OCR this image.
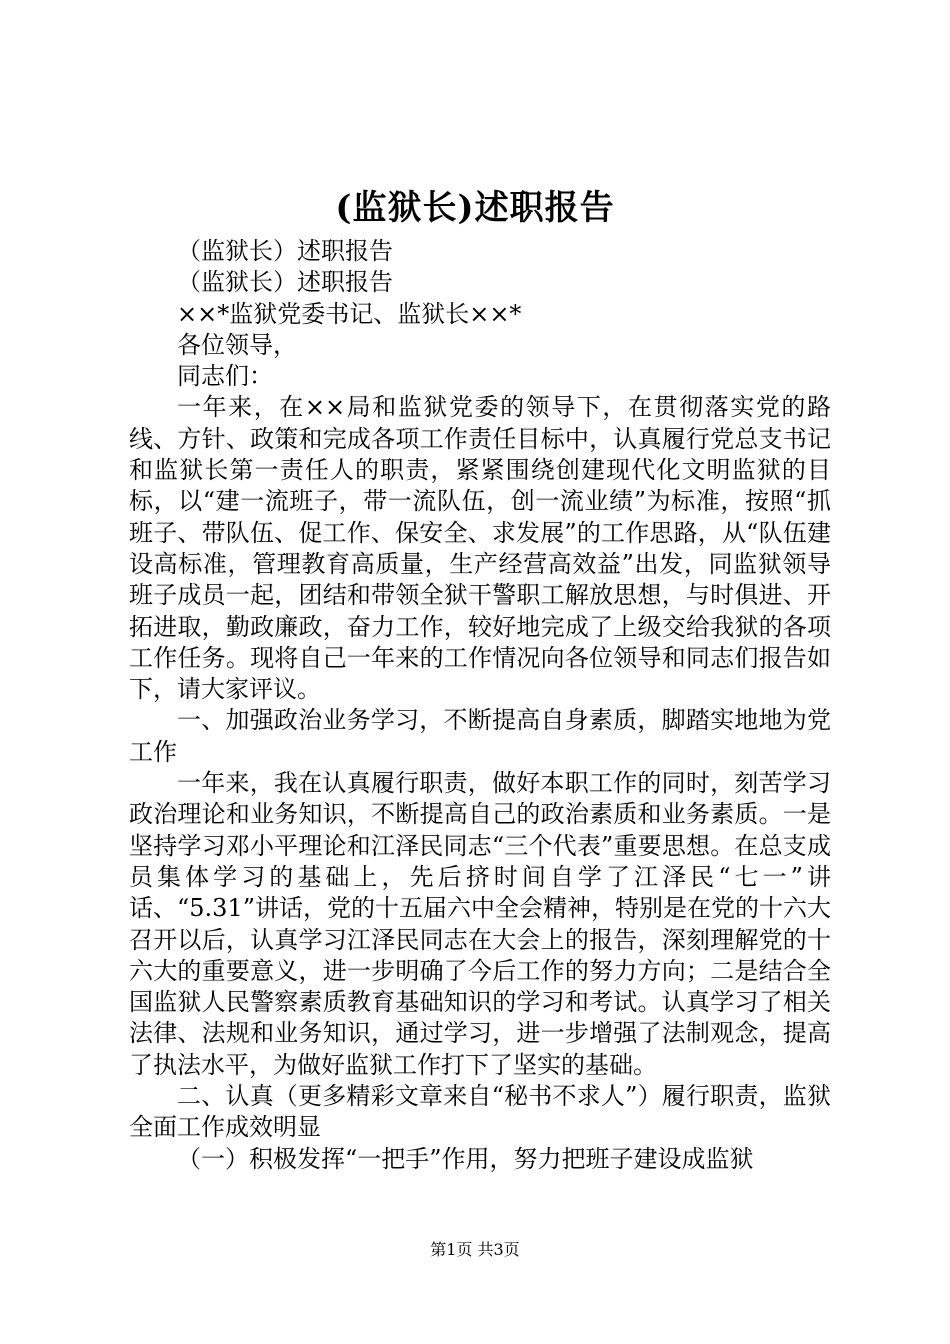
(监狱长)述职报告

（监狱长）述职报告

（监狱长）述职报告

××*监狱党委书记、监狱长××*

各位领导，

同志们：

一年来，在××局和监狱党委的领导下，在贯彻落实党的路线、方针、政策和完成各项工作责任目标中，认真履行党总支书记和监狱长第一责任人的职责，紧紧围绕创建现代化文明监狱的目标，以“建一流班子，带一流队伍，创一流业绩”为标准，按照“抓班子、带队伍、促工作、保安全、求发展”的工作思路，从“队伍建设高标准，管理教育高质量，生产经营高效益”出发，同监狱领导班子成员一起，团结和带领全狱干警职工解放思想，与时俱进、开拓进取，勤政廉政，奋力工作，较好地完成了上级交给我狱的各项工作任务。现将自己一年来的工作情况向各位领导和同志们报告如下，请大家评议。

一、加强政治业务学习，不断提高自身素质，脚踏实地地为党工作

一年来，我在认真履行职责，做好本职工作的同时，刻苦学习政治理论和业务知识，不断提高自己的政治素质和业务素质。一是坚持学习邓小平理论和江泽民同志“三个代表”重要思想。在总支成员集体学习的基础上，先后挤时间自学了江泽民“七一”讲话、“5.31”讲话，党的十五届六中全会精神，特别是在党的十六大召开以后，认真学习江泽民同志在大会上的报告，深刻理解党的十六大的重要意义，进一步明确了今后工作的努力方向；二是结合全国监狱人民警察素质教育基础知识的学习和考试。认真学习了相关法律、法规和业务知识，通过学习，进一步增强了法制观念，提高了执法水平，为做好监狱工作打下了坚实的基础。

二、认真（更多精彩文章来自“秘书不求人”）履行职责，监狱全面工作成效明显

（一）积极发挥“一把手”作用，努力把班子建设成监狱

第1页 共3页
